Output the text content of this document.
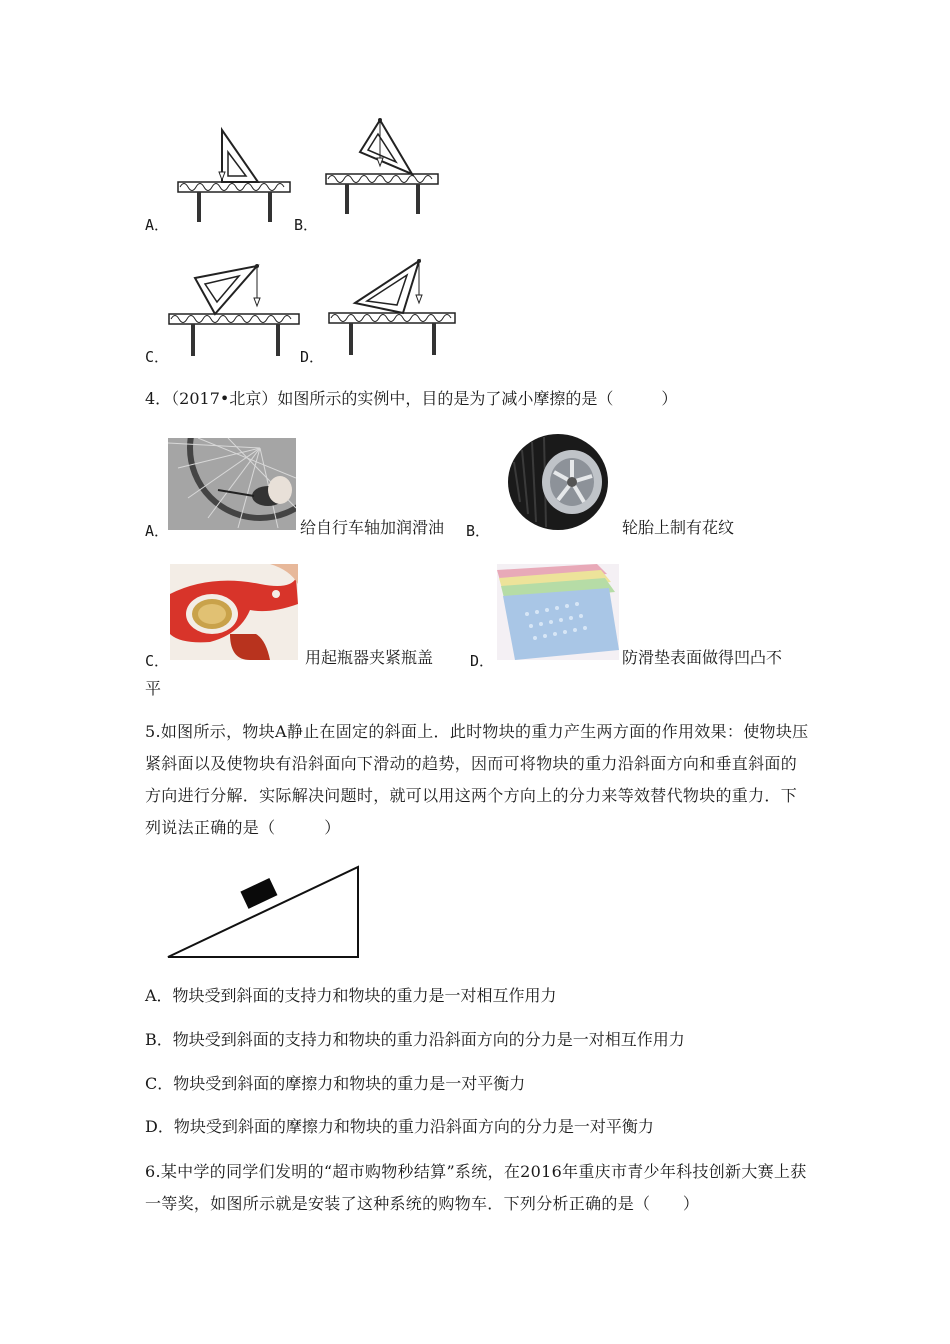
A．	B．
C．	D．
4．（2017•北京）如图所示的实例中，目的是为了减小摩擦的是（　　　）
A．	给自行车轴加润滑油 B．	轮胎上制有花纹
C．	用起瓶器夹紧瓶盖 D．	防滑垫表面做得凹凸不
平
5.如图所示，物块A静止在固定的斜面上．此时物块的重力产生两方面的作用效果：使物块压紧斜面以及使物块有沿斜面向下滑动的趋势，因而可将物块的重力沿斜面方向和垂直斜面的方向进行分解．实际解决问题时，就可以用这两个方向上的分力来等效替代物块的重力．下列说法正确的是（　　　）
A．物块受到斜面的支持力和物块的重力是一对相互作用力
B．物块受到斜面的支持力和物块的重力沿斜面方向的分力是一对相互作用力
C．物块受到斜面的摩擦力和物块的重力是一对平衡力
D．物块受到斜面的摩擦力和物块的重力沿斜面方向的分力是一对平衡力
6.某中学的同学们发明的“超市购物秒结算”系统，在2016年重庆市青少年科技创新大赛上获一等奖，如图所示就是安装了这种系统的购物车．下列分析正确的是（　　）
